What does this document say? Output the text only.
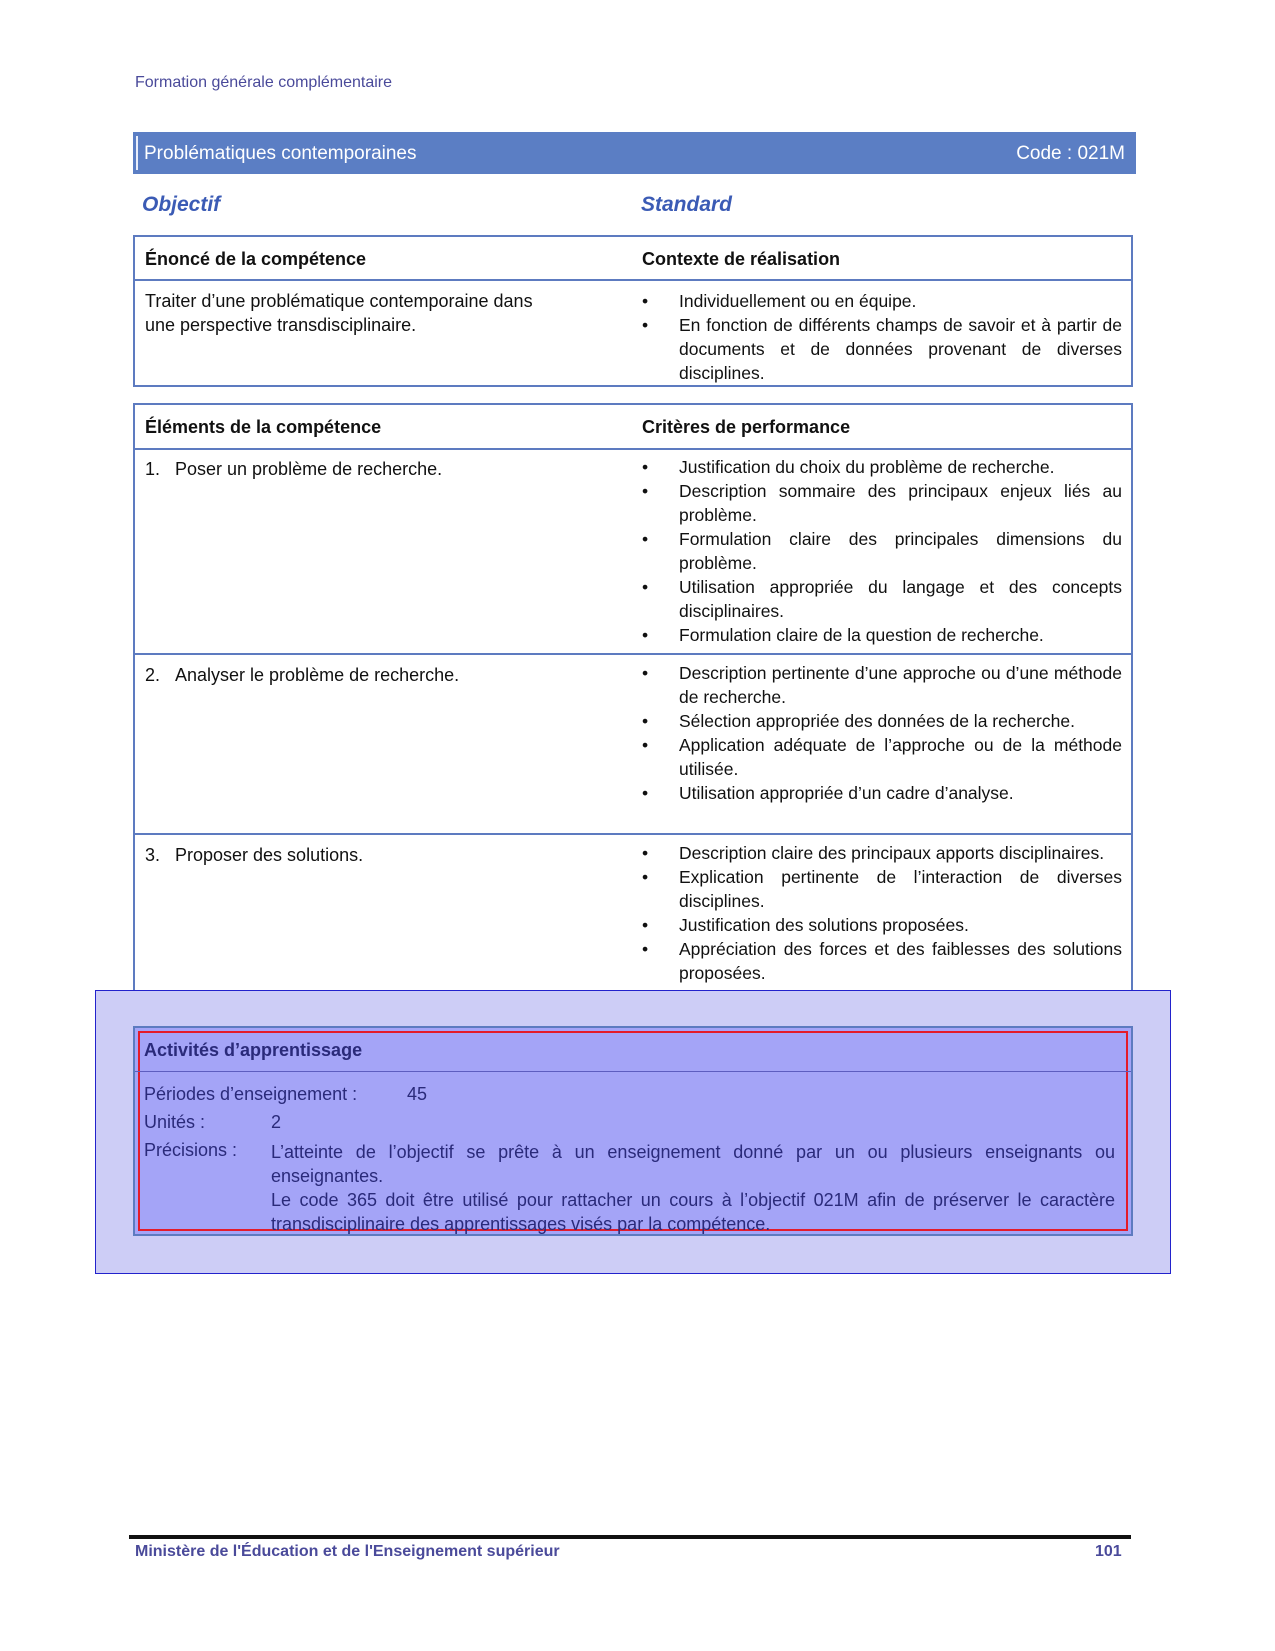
Formation générale complémentaire
Problématiques contemporaines	Code : 021M
Objectif	Standard
Énoncé de la compétence	Contexte de réalisation
Traiter d’une problématique contemporaine dans
une perspective transdisciplinaire.
• Individuellement ou en équipe.
• En fonction de différents champs de savoir et à partir de documents et de données provenant de diverses disciplines.
Éléments de la compétence	Critères de performance
1. Poser un problème de recherche.	• Justification du choix du problème de recherche.
• Description sommaire des principaux enjeux liés au problème.
• Formulation claire des principales dimensions du problème.
• Utilisation appropriée du langage et des concepts disciplinaires.
• Formulation claire de la question de recherche.
2. Analyser le problème de recherche.	• Description pertinente d’une approche ou d’une méthode de recherche.
• Sélection appropriée des données de la recherche.
• Application adéquate de l’approche ou de la méthode utilisée.
• Utilisation appropriée d’un cadre d’analyse.
3. Proposer des solutions.	• Description claire des principaux apports disciplinaires.
• Explication pertinente de l’interaction de diverses disciplines.
• Justification des solutions proposées.
• Appréciation des forces et des faiblesses des solutions proposées.
Activités d’apprentissage
Périodes d’enseignement :	45
Unités :	2
Précisions : L’atteinte de l’objectif se prête à un enseignement donné par un ou plusieurs enseignants ou enseignantes.
Le code 365 doit être utilisé pour rattacher un cours à l’objectif 021M afin de préserver le caractère transdisciplinaire des apprentissages visés par la compétence.
Ministère de l'Éducation et de l'Enseignement supérieur	101
